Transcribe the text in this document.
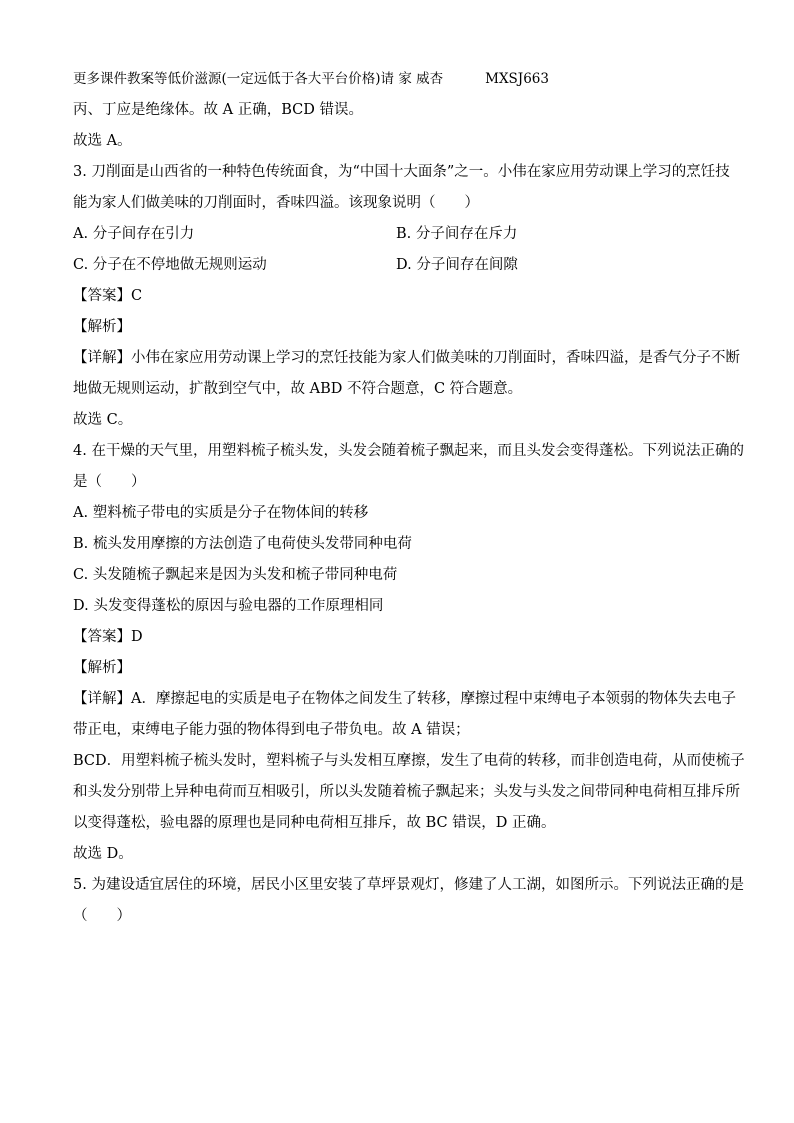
更多课件教案等低价滋源(一定远低于各大平台价格)请 家 威杏	MXSJ663
丙、丁应是绝缘体。故 A 正确，BCD 错误。
故选 A。
3. 刀削面是山西省的一种特色传统面食，为“中国十大面条”之一。小伟在家应用劳动课上学习的烹饪技
能为家人们做美味的刀削面时，香味四溢。该现象说明（　　）
A. 分子间存在引力	B. 分子间存在斥力
C. 分子在不停地做无规则运动	D. 分子间存在间隙
【答案】C
【解析】
【详解】小伟在家应用劳动课上学习的烹饪技能为家人们做美味的刀削面时，香味四溢，是香气分子不断
地做无规则运动，扩散到空气中，故 ABD 不符合题意，C 符合题意。
故选 C。
4. 在干燥的天气里，用塑料梳子梳头发，头发会随着梳子飘起来，而且头发会变得蓬松。下列说法正确的
是（　　）
A. 塑料梳子带电的实质是分子在物体间的转移
B. 梳头发用摩擦的方法创造了电荷使头发带同种电荷
C. 头发随梳子飘起来是因为头发和梳子带同种电荷
D. 头发变得蓬松的原因与验电器的工作原理相同
【答案】D
【解析】
【详解】A．摩擦起电的实质是电子在物体之间发生了转移，摩擦过程中束缚电子本领弱的物体失去电子
带正电，束缚电子能力强的物体得到电子带负电。故 A 错误；
BCD．用塑料梳子梳头发时，塑料梳子与头发相互摩擦，发生了电荷的转移，而非创造电荷，从而使梳子
和头发分别带上异种电荷而互相吸引，所以头发随着梳子飘起来；头发与头发之间带同种电荷相互排斥所
以变得蓬松，验电器的原理也是同种电荷相互排斥，故 BC 错误，D 正确。
故选 D。
5. 为建设适宜居住的环境，居民小区里安装了草坪景观灯，修建了人工湖，如图所示。下列说法正确的是
（　　）
